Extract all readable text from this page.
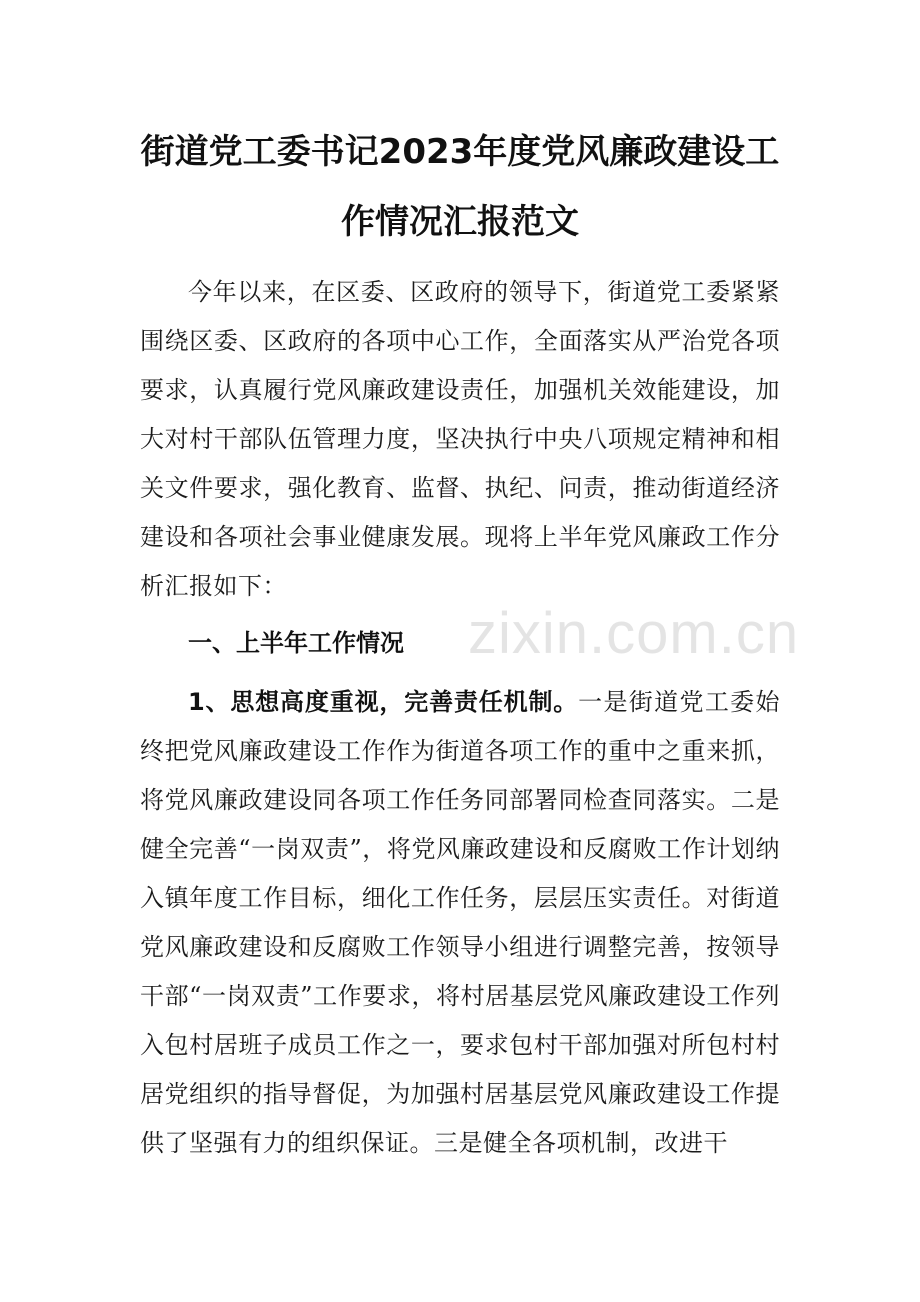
街道党工委书记2023年度党风廉政建设工
作情况汇报范文

今年以来，在区委、区政府的领导下，街道党工委紧紧围绕区委、区政府的各项中心工作，全面落实从严治党各项要求，认真履行党风廉政建设责任，加强机关效能建设，加大对村干部队伍管理力度，坚决执行中央八项规定精神和相关文件要求，强化教育、监督、执纪、问责，推动街道经济建设和各项社会事业健康发展。现将上半年党风廉政工作分析汇报如下：

一、上半年工作情况

1、思想高度重视，完善责任机制。一是街道党工委始终把党风廉政建设工作作为街道各项工作的重中之重来抓，将党风廉政建设同各项工作任务同部署同检查同落实。二是健全完善“一岗双责”，将党风廉政建设和反腐败工作计划纳入镇年度工作目标，细化工作任务，层层压实责任。对街道党风廉政建设和反腐败工作领导小组进行调整完善，按领导干部“一岗双责”工作要求，将村居基层党风廉政建设工作列入包村居班子成员工作之一，要求包村干部加强对所包村村居党组织的指导督促，为加强村居基层党风廉政建设工作提供了坚强有力的组织保证。三是健全各项机制，改进干

zixin.com.cn
